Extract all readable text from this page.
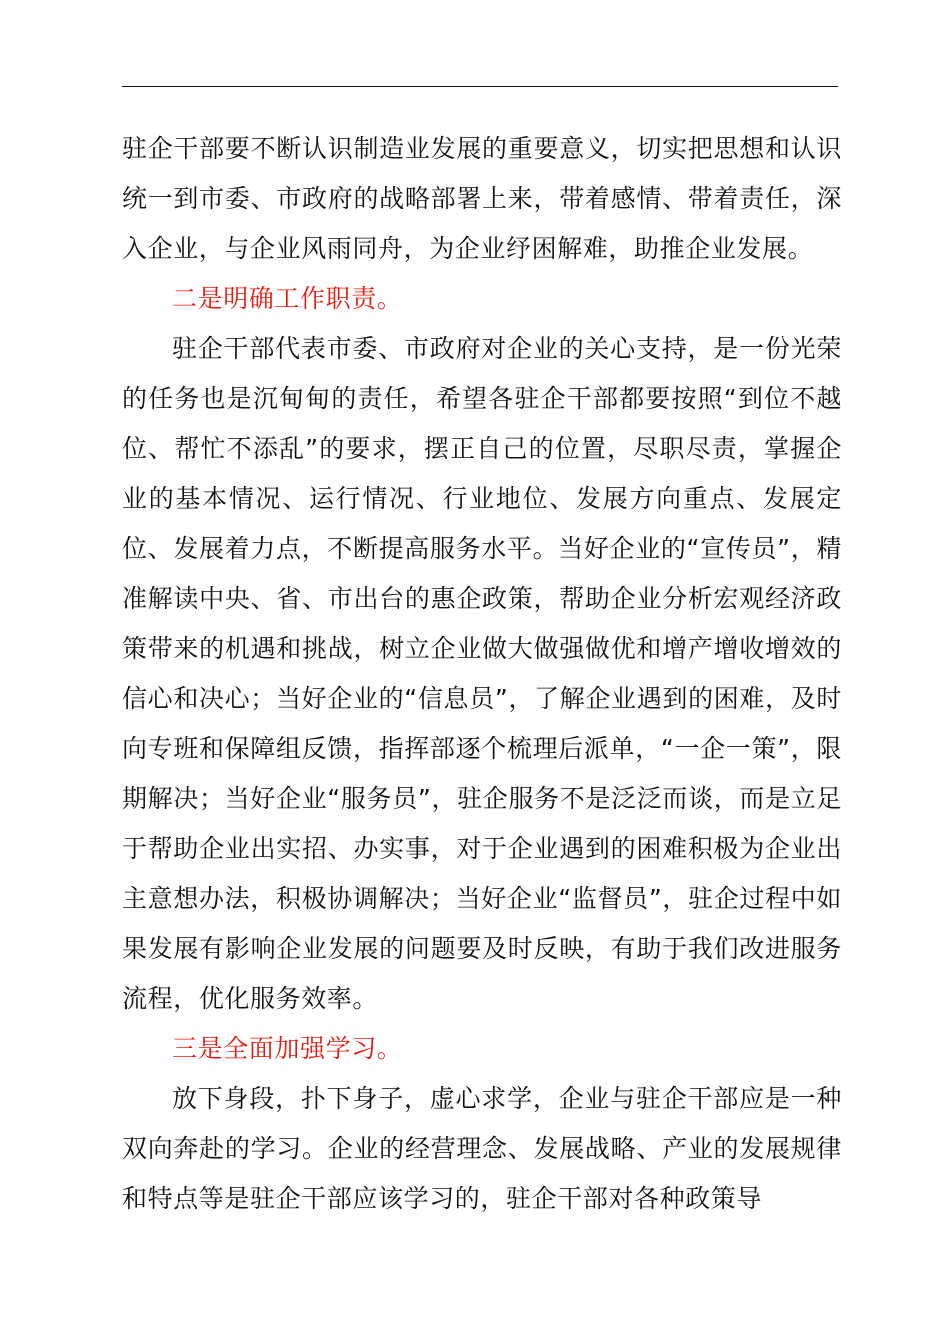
驻企干部要不断认识制造业发展的重要意义，切实把思想和认识统一到市委、市政府的战略部署上来，带着感情、带着责任，深入企业，与企业风雨同舟，为企业纾困解难，助推企业发展。

二是明确工作职责。

驻企干部代表市委、市政府对企业的关心支持，是一份光荣的任务也是沉甸甸的责任，希望各驻企干部都要按照“到位不越位、帮忙不添乱”的要求，摆正自己的位置，尽职尽责，掌握企业的基本情况、运行情况、行业地位、发展方向重点、发展定位、发展着力点，不断提高服务水平。当好企业的“宣传员”，精准解读中央、省、市出台的惠企政策，帮助企业分析宏观经济政策带来的机遇和挑战，树立企业做大做强做优和增产增收增效的信心和决心；当好企业的“信息员”，了解企业遇到的困难，及时向专班和保障组反馈，指挥部逐个梳理后派单，“一企一策”，限期解决；当好企业“服务员”，驻企服务不是泛泛而谈，而是立足于帮助企业出实招、办实事，对于企业遇到的困难积极为企业出主意想办法，积极协调解决；当好企业“监督员”，驻企过程中如果发展有影响企业发展的问题要及时反映，有助于我们改进服务流程，优化服务效率。

三是全面加强学习。

放下身段，扑下身子，虚心求学，企业与驻企干部应是一种双向奔赴的学习。企业的经营理念、发展战略、产业的发展规律和特点等是驻企干部应该学习的，驻企干部对各种政策导
